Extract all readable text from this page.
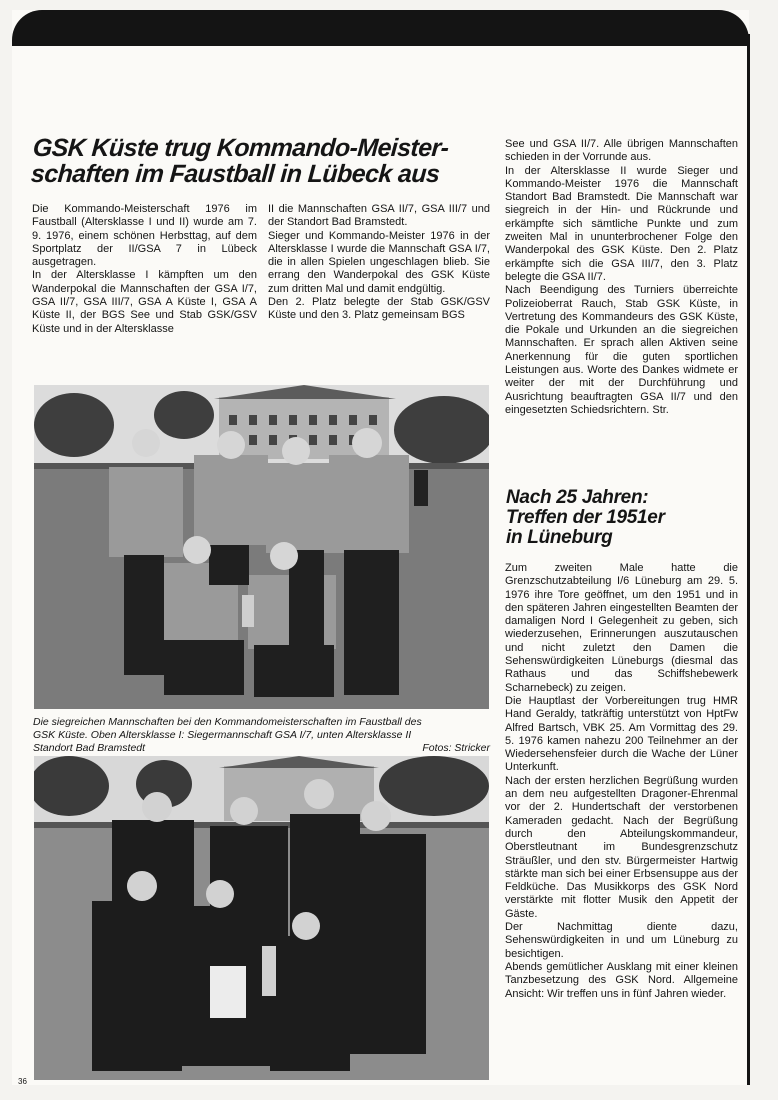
GSK Küste trug Kommando-Meister-
schaften im Faustball in Lübeck aus

Die Kommando-Meisterschaft 1976 im Faustball (Altersklasse I und II) wurde am 7. 9. 1976, einem schönen Herbsttag, auf dem Sportplatz der II/GSA 7 in Lübeck ausgetragen.

In der Altersklasse I kämpften um den Wanderpokal die Mannschaften der GSA I/7, GSA II/7, GSA III/7, GSA A Küste I, GSA A Küste II, der BGS See und Stab GSK/GSV Küste und in der Altersklasse

II die Mannschaften GSA II/7, GSA III/7 und der Standort Bad Bramstedt.

Sieger und Kommando-Meister 1976 in der Altersklasse I wurde die Mannschaft GSA I/7, die in allen Spielen ungeschlagen blieb. Sie errang den Wanderpokal des GSK Küste zum dritten Mal und damit endgültig.

Den 2. Platz belegte der Stab GSK/GSV Küste und den 3. Platz gemeinsam BGS

See und GSA II/7. Alle übrigen Mannschaften schieden in der Vorrunde aus.

In der Altersklasse II wurde Sieger und Kommando-Meister 1976 die Mannschaft Standort Bad Bramstedt. Die Mannschaft war siegreich in der Hin- und Rückrunde und erkämpfte sich sämtliche Punkte und zum zweiten Mal in ununterbrochener Folge den Wanderpokal des GSK Küste. Den 2. Platz erkämpfte sich die GSA III/7, den 3. Platz belegte die GSA II/7.

Nach Beendigung des Turniers überreichte Polizeioberrat Rauch, Stab GSK Küste, in Vertretung des Kommandeurs des GSK Küste, die Pokale und Urkunden an die siegreichen Mannschaften. Er sprach allen Aktiven seine Anerkennung für die guten sportlichen Leistungen aus. Worte des Dankes widmete er weiter der mit der Durchführung und Ausrichtung beauftragten GSA II/7 und den eingesetzten Schiedsrichtern. Str.

Die siegreichen Mannschaften bei den Kommandomeisterschaften im Faustball des
GSK Küste. Oben Altersklasse I: Siegermannschaft GSA I/7, unten Altersklasse II
Standort Bad Bramstedt	Fotos: Stricker
Nach 25 Jahren:
Treffen der 1951er
in Lüneburg

Zum zweiten Male hatte die Grenzschutzabteilung I/6 Lüneburg am 29. 5. 1976 ihre Tore geöffnet, um den 1951 und in den späteren Jahren eingestellten Beamten der damaligen Nord I Gelegenheit zu geben, sich wiederzusehen, Erinnerungen auszutauschen und nicht zuletzt den Damen die Sehenswürdigkeiten Lüneburgs (diesmal das Rathaus und das Schiffshebewerk Scharnebeck) zu zeigen.

Die Hauptlast der Vorbereitungen trug HMR Hand Geraldy, tatkräftig unterstützt von HptFw Alfred Bartsch, VBK 25. Am Vormittag des 29. 5. 1976 kamen nahezu 200 Teilnehmer an der Wiedersehensfeier durch die Wache der Lüner Unterkunft.

Nach der ersten herzlichen Begrüßung wurden an dem neu aufgestellten Dragoner-Ehrenmal vor der 2. Hundertschaft der verstorbenen Kameraden gedacht. Nach der Begrüßung durch den Abteilungskommandeur, Oberstleutnant im Bundesgrenzschutz Sträußler, und den stv. Bürgermeister Hartwig stärkte man sich bei einer Erbsensuppe aus der Feldküche. Das Musikkorps des GSK Nord verstärkte mit flotter Musik den Appetit der Gäste.

Der Nachmittag diente dazu, Sehenswürdigkeiten in und um Lüneburg zu besichtigen.

Abends gemütlicher Ausklang mit einer kleinen Tanzbesetzung des GSK Nord. Allgemeine Ansicht: Wir treffen uns in fünf Jahren wieder.

36
